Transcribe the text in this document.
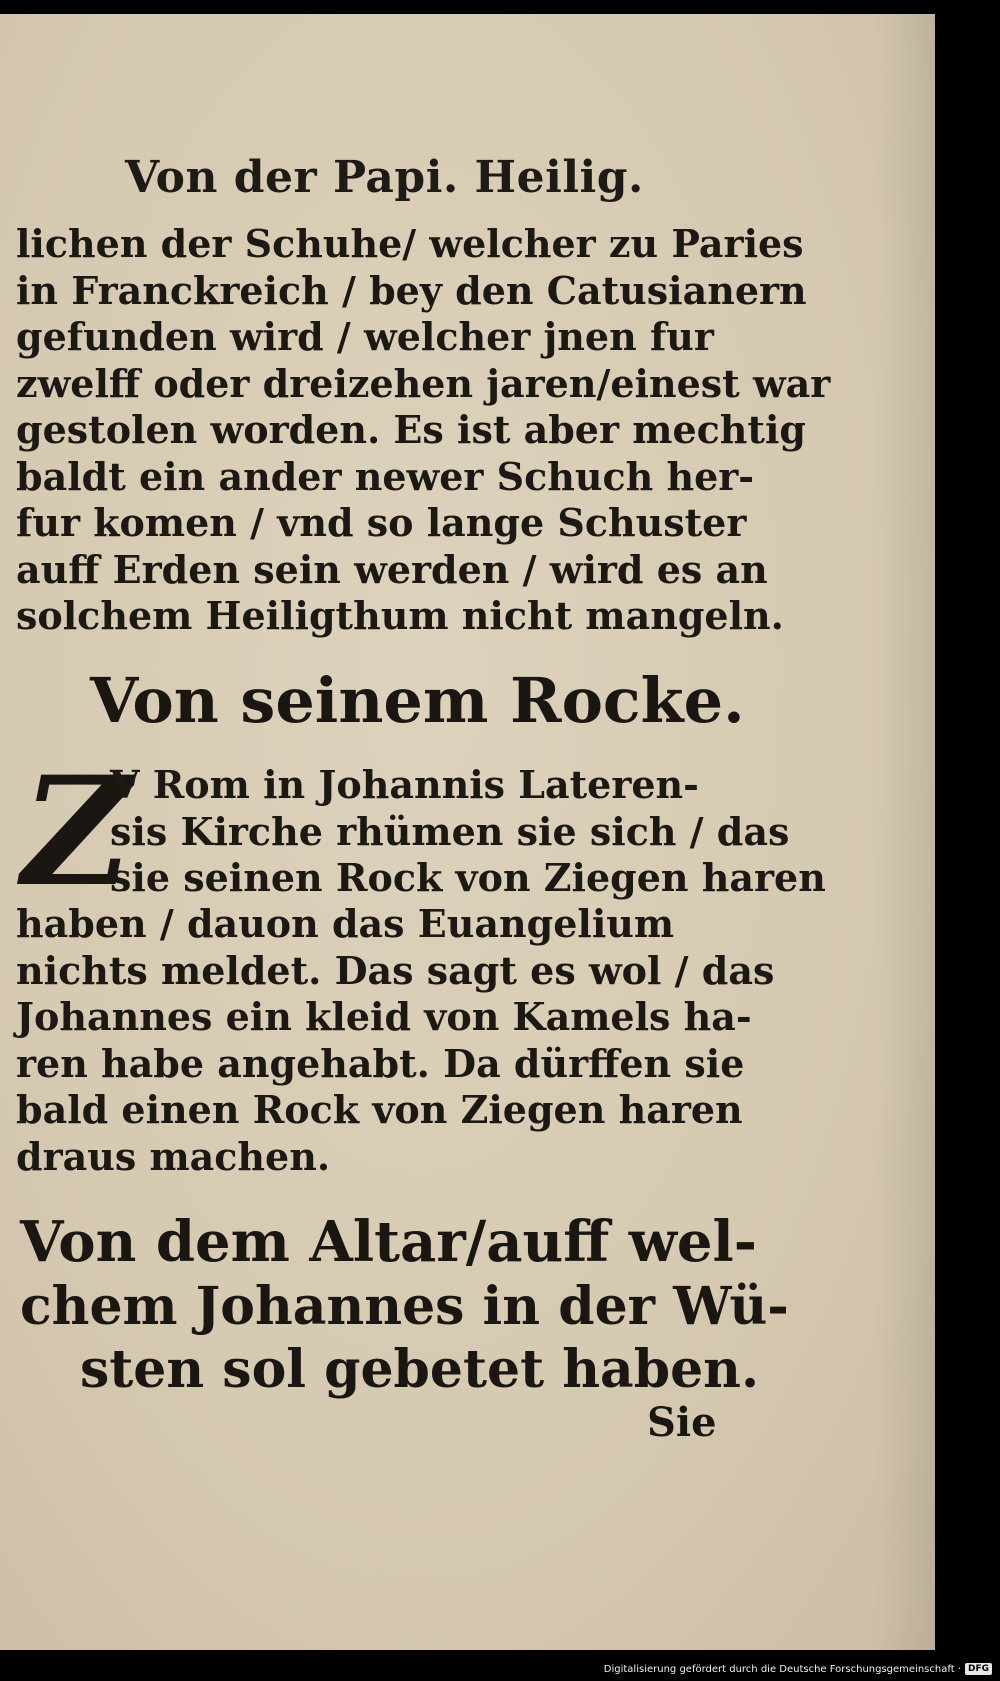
Von der Papi. Heilig.
lichen der Schuhe/ welcher zu Paries
in Franckreich / bey den Catusianern
gefunden wird / welcher jnen fur
zwelff oder dreizehen jaren/einest war
gestolen worden. Es ist aber mechtig
baldt ein ander newer Schuch her-
fur komen / vnd so lange Schuster
auff Erden sein werden / wird es an
solchem Heiligthum nicht mangeln.
Von seinem Rocke.
Z
V Rom in Johannis Lateren-
sis Kirche rhümen sie sich / das
sie seinen Rock von Ziegen haren
haben / dauon das Euangelium
nichts meldet. Das sagt es wol / das
Johannes ein kleid von Kamels ha-
ren habe angehabt. Da dürffen sie
bald einen Rock von Ziegen haren
draus machen.
Von dem Altar/auff wel-
chem Johannes in der Wü-
sten sol gebetet haben.
Sie
Digitalisierung gefördert durch die Deutsche Forschungsgemeinschaft · DFG
